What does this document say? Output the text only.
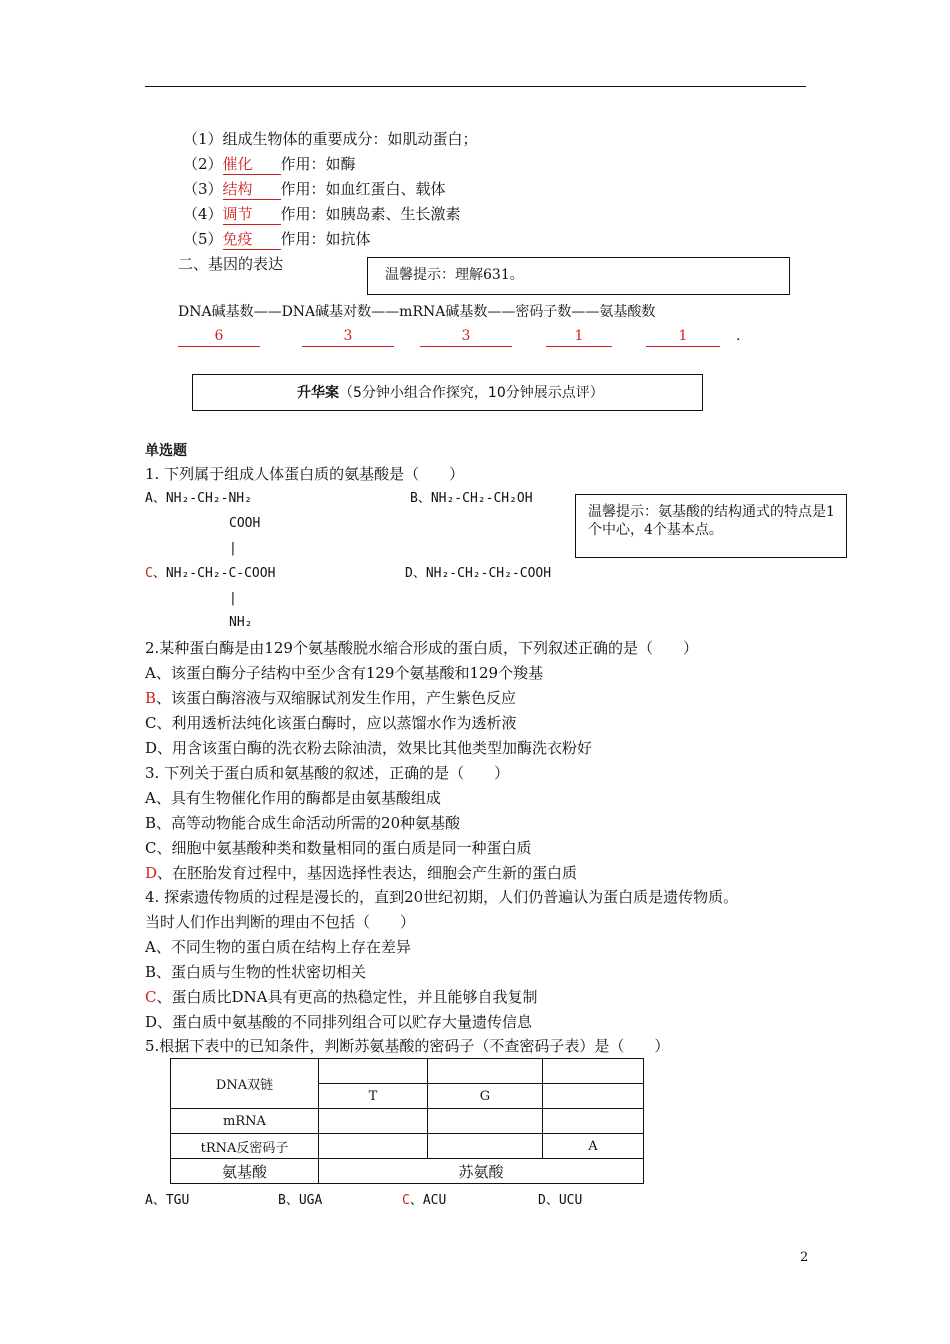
（1）组成生物体的重要成分：如肌动蛋白；
（2）催化 作用：如酶
（3）结构 作用：如血红蛋白、载体
（4）调节 作用：如胰岛素、生长激素
（5）免疫 作用：如抗体
二、基因的表达
温馨提示：理解631。
DNA碱基数——DNA碱基对数——mRNA碱基数——密码子数——氨基酸数
6	3	3	1	1	.
升华案（5分钟小组合作探究，10分钟展示点评）
单选题
1. 下列属于组成人体蛋白质的氨基酸是（　　）
A、NH₂-CH₂-NH₂	B、NH₂-CH₂-CH₂OH
COOH
|
C、NH₂-CH₂-C-COOH	D、NH₂-CH₂-CH₂-COOH
|
NH₂
温馨提示：氨基酸的结构通式的特点是1个中心，4个基本点。
2.某种蛋白酶是由129个氨基酸脱水缩合形成的蛋白质，下列叙述正确的是（　　）
A、该蛋白酶分子结构中至少含有129个氨基酸和129个羧基
B、该蛋白酶溶液与双缩脲试剂发生作用，产生紫色反应
C、利用透析法纯化该蛋白酶时，应以蒸馏水作为透析液
D、用含该蛋白酶的洗衣粉去除油渍，效果比其他类型加酶洗衣粉好
3. 下列关于蛋白质和氨基酸的叙述，正确的是（　　）
A、具有生物催化作用的酶都是由氨基酸组成
B、高等动物能合成生命活动所需的20种氨基酸
C、细胞中氨基酸种类和数量相同的蛋白质是同一种蛋白质
D、在胚胎发育过程中，基因选择性表达，细胞会产生新的蛋白质
4. 探索遗传物质的过程是漫长的，直到20世纪初期，人们仍普遍认为蛋白质是遗传物质。
当时人们作出判断的理由不包括（　　）
A、不同生物的蛋白质在结构上存在差异
B、蛋白质与生物的性状密切相关
C、蛋白质比DNA具有更高的热稳定性，并且能够自我复制
D、蛋白质中氨基酸的不同排列组合可以贮存大量遗传信息
5.根据下表中的已知条件，判断苏氨基酸的密码子（不查密码子表）是（　　）
DNA双链			
	T	G	
mRNA			
tRNA反密码子			A
氨基酸	苏氨酸		
A、TGU	B、UGA	C、ACU	D、UCU
2
